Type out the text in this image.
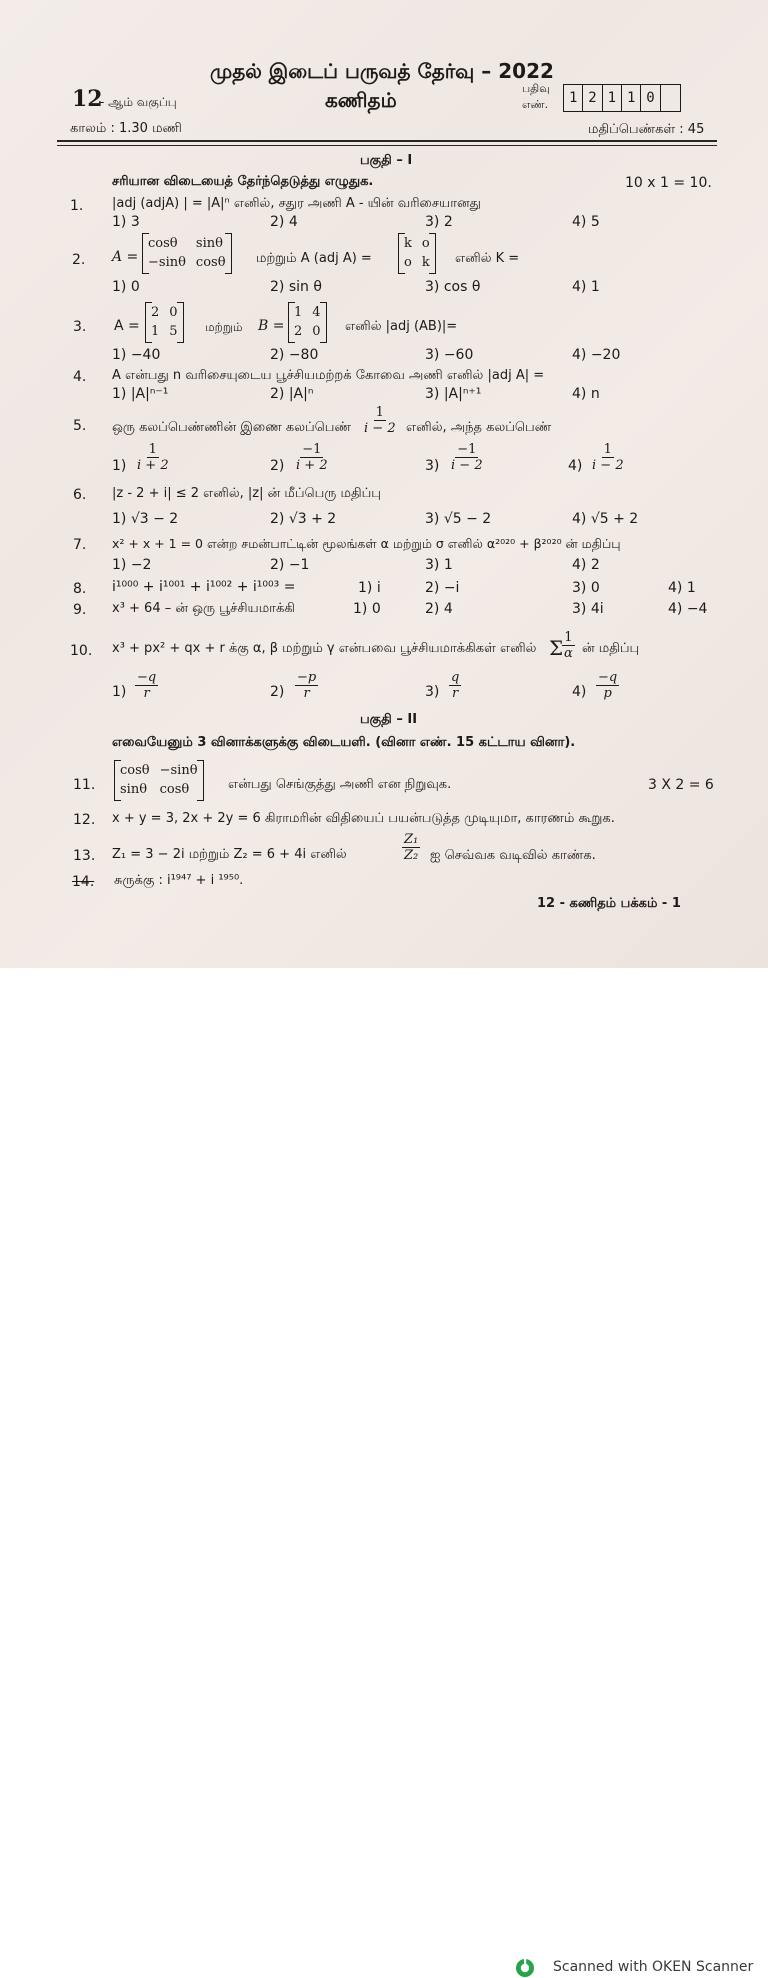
முதல் இடைப் பருவத் தேர்வு – 2022
12
- ஆம் வகுப்பு	கணிதம்	பதிவு
எண்.	1 2 1 1 0
காலம் : 1.30 மணி	மதிப்பெண்கள் : 45
பகுதி – I
சரியான விடையைத் தேர்ந்தெடுத்து எழுதுக.	10 x 1 = 10.
1. |adj (adjA) | = |A|ⁿ எனில், சதுர அணி A - யின் வரிசையானது
1) 3	2) 4	3) 2	4) 5
2. A =
cosθ	sinθ
−sinθ cosθ மற்றும் A (adj A) =
k o
o k எனில் K =
1) 0	2) sin θ	3) cos θ	4) 1
3. A =
2 0
1 5 மற்றும் B =
1 4
2 0 எனில் |adj (AB)|=
1) −40	2) −80	3) −60	4) −20
4. A என்பது n வரிசையுடைய பூச்சியமற்றக் கோவை அணி எனில் |adj A| =
1) |A|ⁿ⁻¹	2) |A|ⁿ	3) |A|ⁿ⁺¹	4) n
5. ஒரு கலப்பெண்ணின் இணை கலப்பெண் $\frac{1}{i - 2}$ எனில், அந்த கலப்பெண்
$1) \frac{1}{i + 2}$	$2) \frac{-1}{i + 2}$	$3) \frac{-1}{i - 2}$	$4) \frac{1}{i - 2}$
6. |z - 2 + i| ≤ 2 எனில், |z| ன் மீப்பெரு மதிப்பு
1) √3 − 2	2) √3 + 2	3) √5 − 2	4) √5 + 2
7. x² + x + 1 = 0 என்ற சமன்பாட்டின் மூலங்கள் α மற்றும் σ எனில் α²⁰²⁰ + β²⁰²⁰ ன் மதிப்பு
1) −2	2) −1	3) 1	4) 2
8. i¹⁰⁰⁰ + i¹⁰⁰¹ + i¹⁰⁰² + i¹⁰⁰³ =	1) i	2) −i	3) 0	4) 1
9. x³ + 64 – ன் ஒரு பூச்சியமாக்கி	1) 0	2) 4	3) 4i	4) −4
10. x³ + px² + qx + r க்கு α, β மற்றும் γ என்பவை பூச்சியமாக்கிகள் எனில் Σ
$\frac{1}{\alpha}$ ன் மதிப்பு
$1) \frac{-q}{r}$	$2) \frac{-p}{r}$	$3) \frac{q}{r}$	$4) \frac{-q}{p}$
பகுதி – II
எவையேனும் 3 வினாக்களுக்கு விடையளி. (வினா எண். 15 கட்டாய வினா).
11.
cosθ −sinθ
sinθ cosθ	என்பது செங்குத்து அணி என நிறுவுக.	3 X 2 = 6
12. x + y = 3, 2x + 2y = 6 கிராமரின் விதியைப் பயன்படுத்த முடியுமா, காரணம் கூறுக.
13. Z₁ = 3 − 2i மற்றும் Z₂ = 6 + 4i எனில்	$\frac{\text{Z₁}}{\text{Z₂}}$ ஐ செவ்வக வடிவில் காண்க.
14. சுருக்கு : i¹⁹⁴⁷ + i ¹⁹⁵⁰.
12 - கணிதம் பக்கம் - 1
Scanned with OKEN Scanner
